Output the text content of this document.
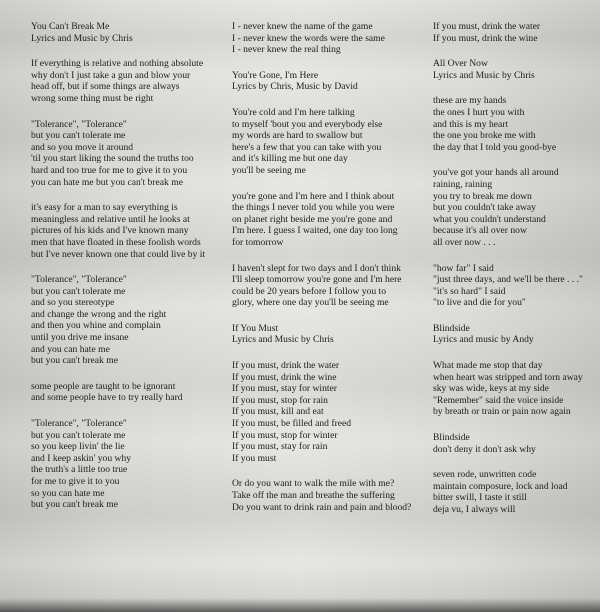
You Can't Break Me
Lyrics and Music by Chris
If everything is relative and nothing absolute
why don't I just take a gun and blow your
head off, but if some things are always
wrong some thing must be right
"Tolerance", "Tolerance"
but you can't tolerate me
and so you move it around
'til you start liking the sound the truths too
hard and too true for me to give it to you
you can hate me but you can't break me
it's easy for a man to say everything is
meaningless and relative until he looks at
pictures of his kids and I've known many
men that have floated in these foolish words
but I've never known one that could live by it
"Tolerance", "Tolerance"
but you can't tolerate me
and so you stereotype
and change the wrong and the right
and then you whine and complain
until you drive me insane
and you can hate me
but you can't break me
some people are taught to be ignorant
and some people have to try really hard
"Tolerance", "Tolerance"
but you can't tolerate me
so you keep livin' the lie
and I keep askin' you why
the truth's a little too true
for me to give it to you
so you can hate me
but you can't break me
I - never knew the name of the game
I - never knew the words were the same
I - never knew the real thing
You're Gone, I'm Here
Lyrics by Chris, Music by David
You're cold and I'm here talking
to myself 'bout you and everybody else
my words are hard to swallow but
here's a few that you can take with you
and it's killing me but one day
you'll be seeing me
you're gone and I'm here and I think about
the things I never told you while you were
on planet right beside me you're gone and
I'm here. I guess I waited, one day too long
for tomorrow
I haven't slept for two days and I don't think
I'll sleep tomorrow you're gone and I'm here
could be 20 years before I follow you to
glory, where one day you'll be seeing me
If You Must
Lyrics and Music by Chris
If you must, drink the water
If you must, drink the wine
If you must, stay for winter
If you must, stop for rain
If you must, kill and eat
If you must, be filled and freed
If you must, stop for winter
If you must, stay for rain
If you must
Or do you want to walk the mile with me?
Take off the man and breathe the suffering
Do you want to drink rain and pain and blood?
If you must, drink the water
If you must, drink the wine
All Over Now
Lyrics and Music by Chris
these are my hands
the ones I hurt you with
and this is my heart
the one you broke me with
the day that I told you good-bye
you've got your hands all around
raining, raining
you try to break me down
but you couldn't take away
what you couldn't understand
because it's all over now
all over now . . .
"how far" I said
"just three days, and we'll be there . . ."
"it's so hard" I said
"to live and die for you"
Blindside
Lyrics and music by Andy
What made me stop that day
when heart was stripped and torn away
sky was wide, keys at my side
"Remember" said the voice inside
by breath or train or pain now again
Blindside
don't deny it don't ask why
seven rode, unwritten code
maintain composure, lock and load
bitter swill, I taste it still
deja vu, I always will
